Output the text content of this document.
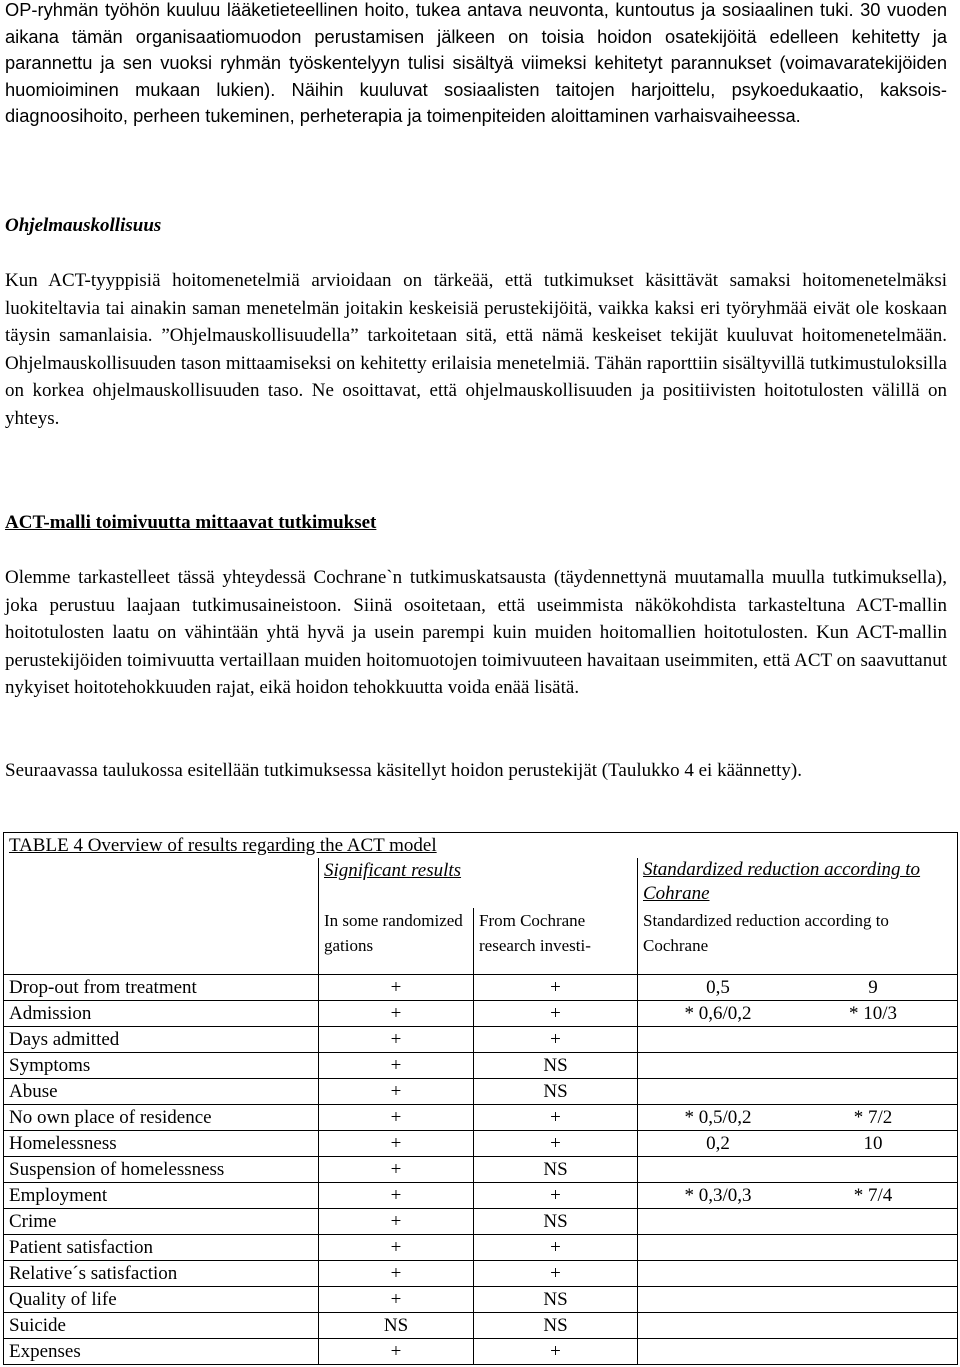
OP-ryhmän työhön kuuluu lääketieteellinen hoito, tukea antava neuvonta, kuntoutus ja sosiaalinen tuki. 30 vuoden aikana tämän organisaatiomuodon perustamisen jälkeen on toisia hoidon osatekijöitä edelleen kehitetty ja parannettu ja sen vuoksi ryhmän työskentelyyn tulisi sisältyä viimeksi kehitetyt parannukset (voimavaratekijöiden huomioiminen mukaan lukien). Näihin kuuluvat sosiaalisten taitojen harjoittelu, psykoedukaatio, kaksois-diagnoosihoito, perheen tukeminen, perheterapia ja toimenpiteiden aloittaminen varhaisvaiheessa.

Ohjelmauskollisuus

Kun ACT-tyyppisiä hoitomenetelmiä arvioidaan on tärkeää, että tutkimukset käsittävät samaksi hoitomenetelmäksi luokiteltavia tai ainakin saman menetelmän joitakin keskeisiä perustekijöitä, vaikka kaksi eri työryhmää eivät ole koskaan täysin samanlaisia. ”Ohjelmauskollisuudella” tarkoitetaan sitä, että nämä keskeiset tekijät kuuluvat hoitomenetelmään. Ohjelmauskollisuuden tason mittaamiseksi on kehitetty erilaisia menetelmiä. Tähän raporttiin sisältyvillä tutkimustuloksilla on korkea ohjelmauskollisuuden taso. Ne osoittavat, että ohjelmauskollisuuden ja positiivisten hoitotulosten välillä on yhteys.

ACT-malli toimivuutta mittaavat tutkimukset

Olemme tarkastelleet tässä yhteydessä Cochrane`n tutkimuskatsausta (täydennettynä muutamalla muulla tutkimuksella), joka perustuu laajaan tutkimusaineistoon. Siinä osoitetaan, että useimmista näkökohdista tarkasteltuna ACT-mallin hoitotulosten laatu on vähintään yhtä hyvä ja usein parempi kuin muiden hoitomallien hoitotulosten. Kun ACT-mallin perustekijöiden toimivuutta vertaillaan muiden hoitomuotojen toimivuuteen havaitaan useimmiten, että ACT on saavuttanut nykyiset hoitotehokkuuden rajat, eikä hoidon tehokkuutta voida enää lisätä.

Seuraavassa taulukossa esitellään tutkimuksessa käsitellyt hoidon perustekijät (Taulukko 4 ei käännetty).

TABLE 4 Overview of results regarding the ACT model			
	Significant results		Standardized reduction according to Cohrane
	In some randomized gations	From Cochrane research investi-	Standardized reduction according to Cochrane
Drop-out from treatment	+	+	0,5 9
Admission	+	+	* 0,6/0,2 * 10/3
Days admitted	+	+	
Symptoms	+	NS	
Abuse	+	NS	
No own place of residence	+	+	* 0,5/0,2 * 7/2
Homelessness	+	+	0,2 10
Suspension of homelessness	+	NS	
Employment	+	+	* 0,3/0,3 * 7/4
Crime	+	NS	
Patient satisfaction	+	+	
Relative´s satisfaction	+	+	
Quality of life	+	NS	
Suicide	NS	NS	
Expenses	+	+	
